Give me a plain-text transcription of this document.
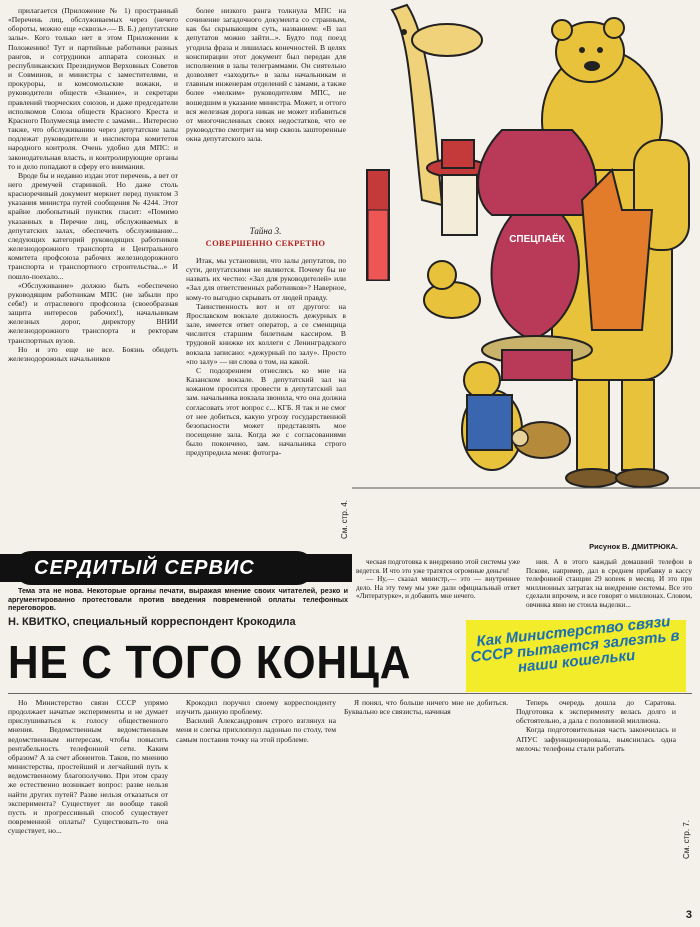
прилагается (Приложение № 1) пространный «Перечень лиц, обслуживаемых через (нечего обороты, можно еще «сквозь».— В. Б.) депутатские залы». Кого только нет в этом Приложении к Положению! Тут и партийные работники разных рангов, и сотрудники аппарата союзных и республиканских Президиумов Верховных Советов и Совминов, и министры с заместителями, и прокуроры, и комсомольские вожаки, и руководители обществ «Знание», и секретари правлений творческих союзов, и даже председатели исполкомов Союза обществ Красного Креста и Красного Полумесяца вместе с замами... Интересно также, что обслуживанию через депутатские залы подлежат руководители и инспектора комитетов народного контроля. Очень удобно для МПС: и законодательная власть, и контролирующие органы то и дело попадают в сферу его внимания.

Вроде бы и недавно издан этот перечень, а вет от него дремучей старинкой. Но даже столь красноречивый документ меркнет перед пунктом 3 указания министра путей сообщения № 4244. Этот крайне любопытный пунктик гласит: «Помимо указанных в Перечне лиц, обслуживаемых в депутатских залах, обеспечить обслуживание... следующих категорий руководящих работников железнодорожного транспорта и Центрального комитета профсоюза рабочих железнодорожного транспорта и транспортного строительства...» И пошло-поехало...

«Обслуживание» должно быть «обеспечено руководящим работникам МПС (не забыли про себя!) и отраслевого профсоюза (своеобразная защита интересов рабочих!), начальникам железных дорог, директору ВНИИ железнодорожного транспорта и ректорам транспортных вузов.

Но и это еще не все. Боязнь обидеть железнодорожных начальников

более низкого ранга толкнула МПС на сочинение загадочного документа со странным, как бы скрывающим суть, названием: «В зал депутатов можно зайти...». Будто под поезд угодила фраза и лишилась конечностей. В целях конспирации этот документ был передан для исполнения в залы телеграммами. Он сиятельно дозволяет «заходить» в залы начальникам и главным инженерам отделений с замами, а также более «мелким» руководителям МПС, не вошедшим в указание министра. Может, и оттого вся железная дорога никак не может избавиться от многочисленных своих недостатков, что ее руководство смотрит на мир сквозь зашторенные окна депутатского зала.

Тайна 3.
СОВЕРШЕННО СЕКРЕТНО

Итак, мы установили, что залы депутатов, по сути, депутатскими не являются. Почему бы не назвать их честно: «Зал для руководителей» или «Зал для ответственных работников»? Наверное, кому-то выгодно скрывать от людей правду.

Таинственность вот и от другого: на Ярославском вокзале должность дежурных в зале, имеется ответ оператор, а се сменщица числится старшим билетным кассиром. В трудовой книжке их коллеги с Ленинградского вокзала записано: «дежурный по залу». Просто «по залу» — ни слова о том, на какой.

С подозрением отнеслись ко мне на Казанском вокзале. В депутатский зал на кожаном просится провести в депутатский зал зам. начальника вокзала звонила, что она должна согласовать этот вопрос с... КГБ. Я так и не смог от нее добиться, какую угрозу государственной безопасности может представлять мое посещение зала. Когда же с согласованиями было покончено, зам. начальника строго предупредила меня: фотогра-

СПЕЦПАЁК
Рисунок В. ДМИТРЮКА.
См. стр. 4.
СЕРДИТЫЙ СЕРВИС

Тема эта не нова. Некоторые органы печати, выражая мнение своих читателей, резко и аргументированно протестовали против введения повременной оплаты телефонных переговоров.

ческая подготовка к внедрению этой системы уже ведется. И что это уже тратятся огромные деньги!

— Ну,— сказал министр,— это — внутреннее дело. На эту тему мы уже дали официальный ответ «Литературке», и добавить мне нечего.

ния. А в этого каждый домашний телефон в Пскове, например, дал в среднем прибавку в кассу телефонной станции 29 копеек в месяц. И это при миллионных затратах на внедрение системы. Все это сделали впрочем, и все говорят о миллионах. Словом, овчинка явно не стоила выделки...

Н. КВИТКО, специальный корреспондент Крокодила
НЕ С ТОГО КОНЦА
Как Министерство связи СССР пытается залезть в наши кошельки

Но Министерство связи СССР упрямо продолжает начатые эксперименты и не думает прислушиваться к голосу общественного мнения. Ведомственным ведомственным ведомственным интересам, чтобы повысить рентабельность телефонной сети. Каким образом? А за счет абонентов. Таков, по мнению министерства, простейший и легчайший путь к ведомственному благополучию. При этом сразу же естественно возникает вопрос: разве нельзя найти других путей? Разве нельзя отказаться от эксперимента? Существует ли вообще такой пусть и прогрессивный способ существует повременной оплаты? Существовать-то она существует, но...

Крокодил поручил своему корреспонденту изучить данную проблему.

Василий Александрович строго взглянул на меня и слегка прихлопнул ладонью по столу, тем самым поставив точку на этой проблеме.

Я понял, что больше ничего мне не добиться. Буквально все связисты, начиная

Теперь очередь дошла до Саратова. Подготовка к эксперименту велась долго и обстоятельно, а дала с половиной миллиона.

Когда подготовительная часть закончилась и АПУС зафункционировала, выяснилась одна мелочь: телефоны стали работать

См. стр. 7.
3
